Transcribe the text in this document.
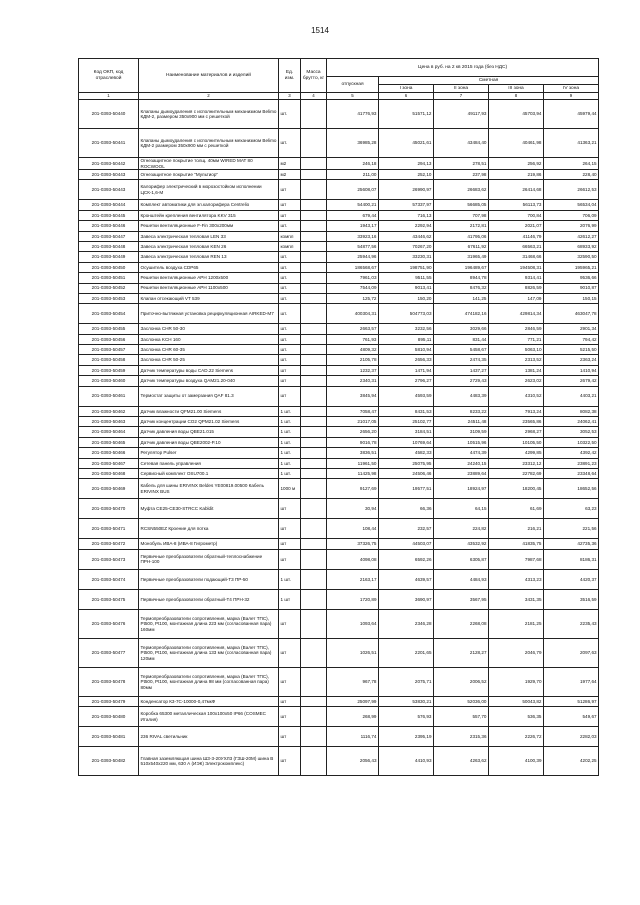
1514
Код ОКП, код отраслевой	Наименование материалов и изделий	Ед. изм.	Масса брутто, кг	Цена в руб. на 2 кв 2015 года (без НДС)				
				отпускная	Сметная			
					I зона	II зона	III зона	IV зона
1	2	3	4	5	6	7	8	9
201-0393-50440	Клапаны дымоудаления с исполнительным механизмом Belimo КДМ-2, размером 350х900 мм с решеткой	шт.		41776,93	51571,12	49117,93	45703,94	45979,44
201-0393-50441	Клапаны дымоудаления с исполнительным механизмом Belimo КДМ-2 размером 350х900 мм с решеткой	шт.		36985,28	45021,61	43484,40	40461,98	41363,21
201-0393-50442	Огнезащитное покрытие толщ. 40мм WIRED MAT 80 ROCWOOL	м2		246,18	294,13	278,51	256,92	264,15
201-0393-50443	Огнезащитное покрытие "Мультиор"	м2		211,00	252,10	237,98	219,86	228,40
201-0393-50443	Калорифер электрический в морозостойком исполнении ЦСК-1,6-М	шт		25608,07	26990,97	26683,62	26414,68	26612,53
201-0393-50444	Комплект автоматики для эл.калорифера Centrelio	шт		54400,21	57337,97	56685,05	56113,73	56534,04
201-0393-50445	Кронштейн крепления вентилятора KKV 315	шт		679,44	716,13	707,98	700,84	706,09
201-0393-50446	Решетки вентиляционные F-Fin 300х200мм	шт.		1943,17	2292,94	2172,81	2021,07	2076,99
201-0393-50447	Завеса электрическая тепловая LEN 33	компл		33923,16	43446,62	41795,06	41146,79	42612,27
201-0393-50448	Завеса электрическая тепловая KEN 26	компл		54877,56	70267,20	67611,92	66563,21	68933,92
201-0393-50449	Завеса электрическая тепловая REN 13	шт.		25944,96	33230,31	31965,49	31468,66	32590,50
201-0393-50450	Осушитель воздуха CDP65	шт.		186568,67	198751,90	196489,67	194508,31	195965,21
201-0393-50451	Решетки вентиляционные АРН 1200х500	шт.		7961,03	9511,55	8944,78	9314,41	9536,66
201-0393-50452	Решетки вентиляционные АРН 1100х500	шт.		7544,09	9013,41	8476,32	8826,59	9010,87
201-0393-50453	Клапан отсекающий VT 539	шт.		125,72	150,20	141,25	147,09	150,15
201-0393-50454	Приточно-вытяжная установка рециркуляционная AIRKED-M7	шт.		400304,31	504773,03	474182,16	429814,34	463047,78
201-0393-50455	Заслонка CHR 50-30	шт.		2663,57	3232,56	3029,66	2846,59	2901,34
201-0393-50456	Заслонка KCH 160	шт.		761,93	895,11	831,44	771,21	794,42
201-0393-50457	Заслонка CHR 60-35	шт.		4809,32	5810,94	5458,67	5063,10	5215,50
201-0393-50458	Заслонка CHR 50-25	шт.		2105,78	2656,33	2474,35	2313,52	2363,24
201-0393-50459	Датчик температуры воды CAD.22 Siemens	шт		1232,37	1471,94	1437,27	1381,24	1410,94
201-0393-50460	Датчик температуры воздуха QAM21.20-040	шт		2340,31	2796,27	2729,43	2623,02	2679,42
201-0393-50461	Термостат защиты от замерзания QAF 81.3	шт		3845,94	4593,59	4483,39	4310,52	4403,21
201-0393-50462	Датчик влажности QFM21.00 Siemens	1 шт.		7058,47	8431,53	8233,22	7913,24	8082,38
201-0393-50463	Датчик концентрации CO2 QPM21.02 Siemens	1 шт.		21017,05	25102,77	24511,48	23565,86	24062,41
201-0393-50464	Датчик давления воды QBE21.015	1 шт.		2656,20	3184,51	3109,59	2968,27	3052,53
201-0393-50465	Датчик давления воды QBE2002-P.10	1 шт.		9016,78	10769,64	10515,96	10105,50	10322,50
201-0393-50466	Регулятор Pulser	1 шт.		3836,51	4582,33	4474,39	4299,85	4392,42
201-0393-50467	Сетевая панель управления	1 шт.		11961,50	25075,95	24240,15	23312,12	23891,23
201-0393-50468	Сервисный комплект OSU700.1	1 шт.		11425,98	24506,46	23889,64	22782,69	23348,64
201-0393-50469	Кабель для шины ERIVINX Beldes YE00819.00500 Кабель ERIVINX BUS	1000 м		9127,69	19577,51	18924,97	18200,45	18652,56
201-0393-50470	Муфта CE25-CE30-STRCC Kabldit	шт		30,94	66,36	64,15	61,69	63,23
201-0393-50471	RCSN550EZ Кроение для потка	шт		108,44	232,57	224,82	216,21	221,56
201-0393-50472	Монобуль ИВА-8 (ИВА-8 Гигрометр)	шт		37326,75	44503,07	43532,92	41835,75	42735,36
201-0393-50473	Первичные преобразователи обратный-теплоснабжение ПРН-100	шт		4098,08	6592,26	6305,87	7987,68	8186,31
201-0393-50474	Первичные преобразователи подающий-Т3 ПР-50	1 шт.		2163,17	4639,57	4484,93	4313,23	4420,37
201-0393-50475	Первичные преобразователи обратный-Т4 ПРН-32	1 шт		1720,89	3690,97	3567,95	3431,35	3516,59
201-0393-50476	Термопреобразователи сопротивления, марка (Валет ТПС), Pt500, Pt100, монтажная длина 223 мм (согласованная пара) 160мм	шт		1093,64	2346,28	2268,08	2181,25	2235,43
201-0393-50477	Термопреобразователи сопротивления, марка (Валет ТПС), Pt500, Pt100, монтажная длина 133 мм (согласованная пара) 120мм	шт		1026,51	2201,65	2128,27	2046,79	2097,63
201-0393-50478	Термопреобразователи сопротивления, марка (Валет ТПС), Pt500, Pt100, монтажная длина 98 мм (согласованная пара) 80мм	шт		967,78	2075,71	2006,52	1929,70	1977,64
201-0393-50479	Конденсатор К3-7С-10000-0,47мкФ	шт		25097,99	53830,21	52036,00	50043,82	51286,97
201-0393-50480	Коробка 65300 металлическая 100х100х50 IP66 (COSMEC Италия)	шт		268,99	576,93	557,70	536,35	549,67
201-0393-50481	236 RIVAL светильник	шт		1116,74	2395,19	2315,36	2226,72	2282,03
201-0393-50482	Главная заземляющая шина ШЗ-3-20УХЛ3 (ГЗШ-20М) шина В 510х540х220 мм, 630 А (ИЭК) Электрокомплекс)	шт		2056,43	4410,93	4263,62	4100,39	4202,25
